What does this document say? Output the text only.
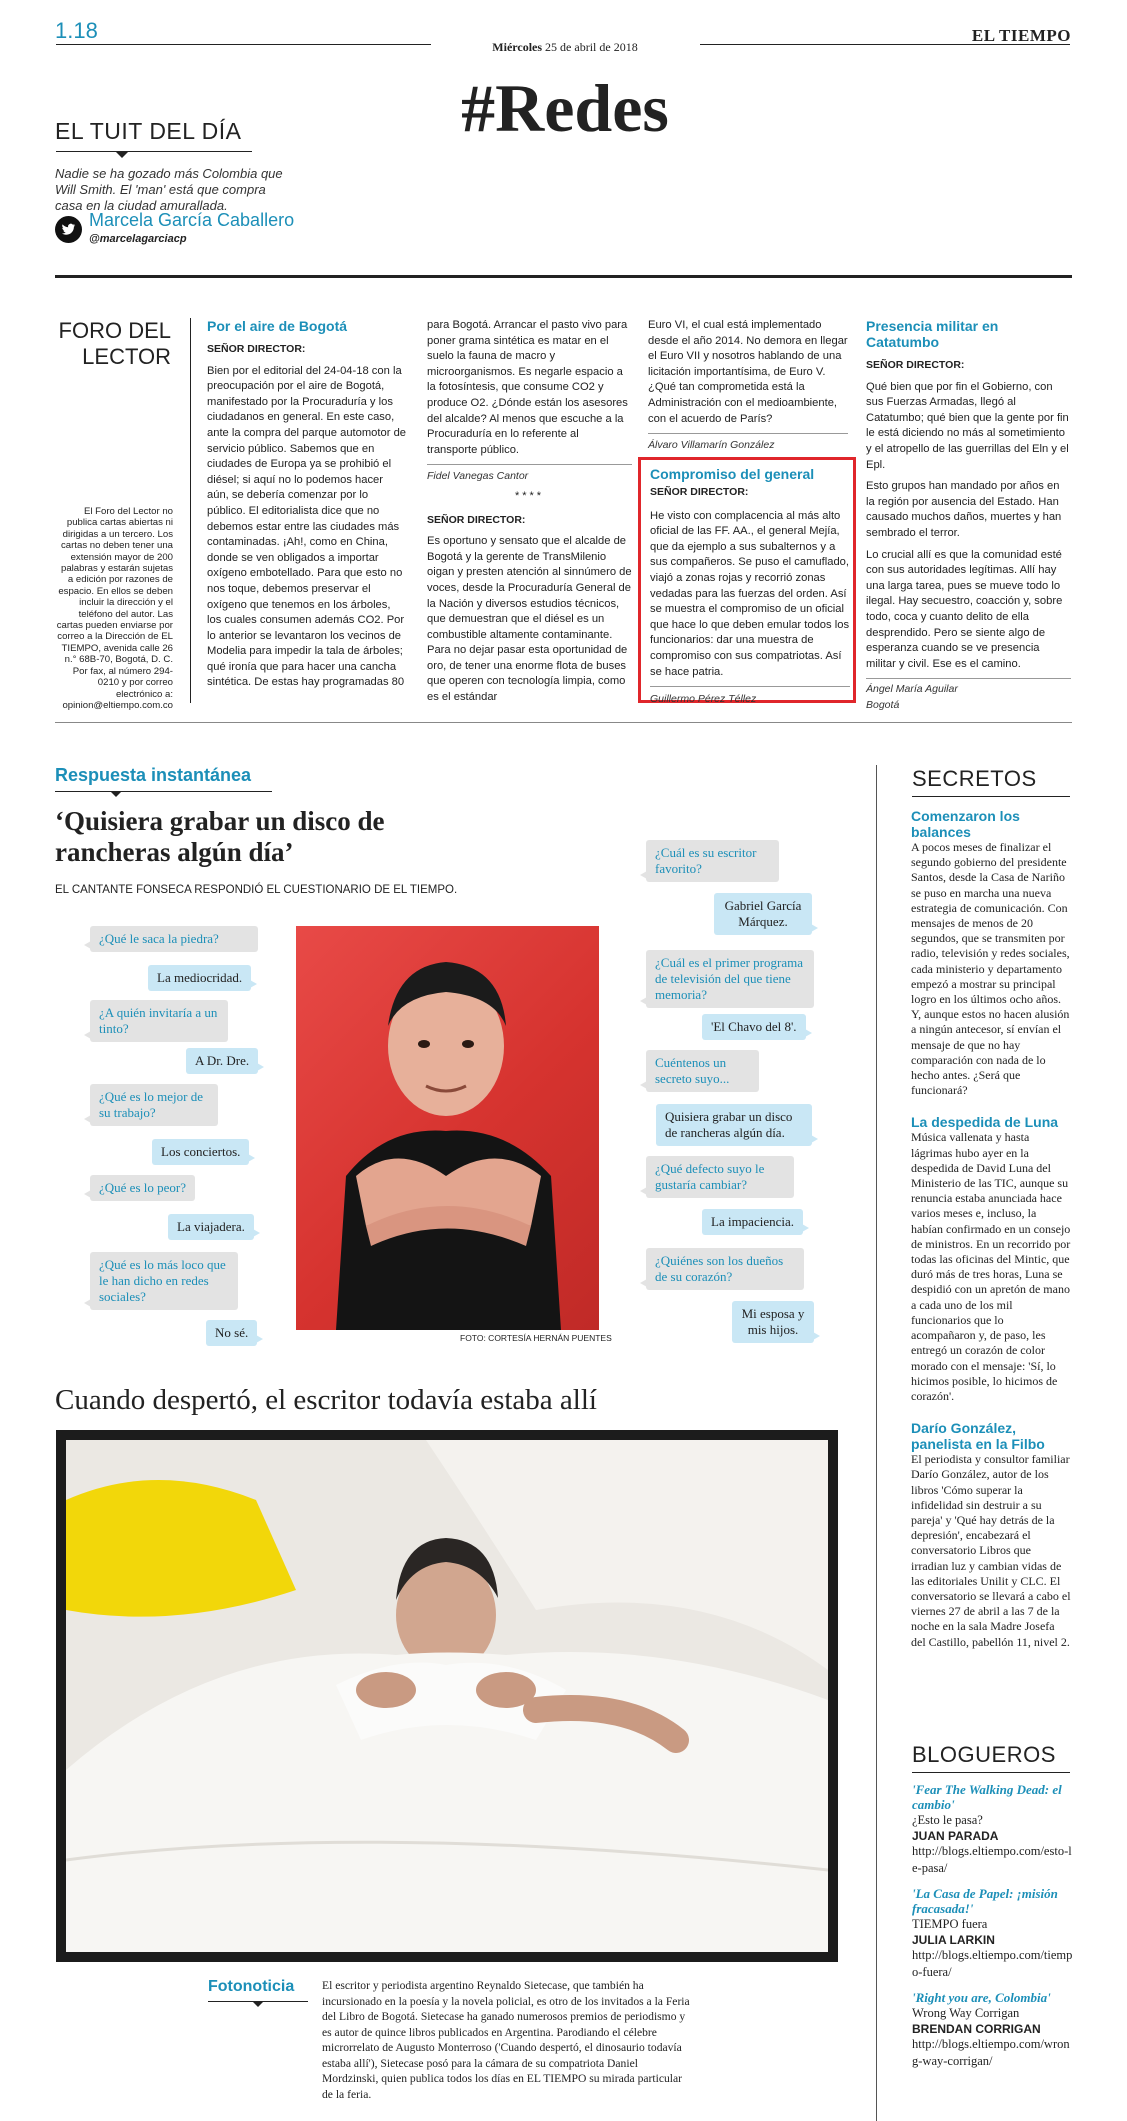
1.18
Miércoles 25 de abril de 2018
EL TIEMPO
#Redes
EL TUIT DEL DÍA
Nadie se ha gozado más Colombia que Will Smith. El 'man' está que compra casa en la ciudad amurallada.
Marcela García Caballero
@marcelagarciacp
FORO DEL
LECTOR
El Foro del Lector no publica cartas abiertas ni dirigidas a un tercero. Los cartas no deben tener una extensión mayor de 200 palabras y estarán sujetas a edición por razones de espacio. En ellos se deben incluir la dirección y el teléfono del autor. Las cartas pueden enviarse por correo a la Dirección de EL TIEMPO, avenida calle 26 n.° 68B-70, Bogotá, D. C. Por fax, al número 294-0210 y por correo electrónico a: opinion@eltiempo.com.co
Por el aire de Bogotá
SEÑOR DIRECTOR:

Bien por el editorial del 24-04-18 con la preocupación por el aire de Bogotá, manifestado por la Procuraduría y los ciudadanos en general. En este caso, ante la compra del parque automotor de servicio público. Sabemos que en ciudades de Europa ya se prohibió el diésel; si aquí no lo podemos hacer aún, se debería comenzar por lo público. El editorialista dice que no debemos estar entre las ciudades más contaminadas. ¡Ah!, como en China, donde se ven obligados a importar oxígeno embotellado. Para que esto no nos toque, debemos preservar el oxígeno que tenemos en los árboles, los cuales consumen además CO2. Por lo anterior se levantaron los vecinos de Modelia para impedir la tala de árboles; qué ironía que para hacer una cancha sintética. De estas hay programadas 80

para Bogotá. Arrancar el pasto vivo para poner grama sintética es matar en el suelo la fauna de macro y microorganismos. Es negarle espacio a la fotosíntesis, que consume CO2 y produce O2. ¿Dónde están los asesores del alcalde? Al menos que escuche a la Procuraduría en lo referente al transporte público.

Fidel Vanegas Cantor
****
SEÑOR DIRECTOR:

Es oportuno y sensato que el alcalde de Bogotá y la gerente de TransMilenio oigan y presten atención al sinnúmero de voces, desde la Procuraduría General de la Nación y diversos estudios técnicos, que demuestran que el diésel es un combustible altamente contaminante. Para no dejar pasar esta oportunidad de oro, de tener una enorme flota de buses que operen con tecnología limpia, como es el estándar

Euro VI, el cual está implementado desde el año 2014. No demora en llegar el Euro VII y nosotros hablando de una licitación importantísima, de Euro V. ¿Qué tan comprometida está la Administración con el medioambiente, con el acuerdo de París?

Álvaro Villamarín González
Compromiso del general
SEÑOR DIRECTOR:

He visto con complacencia al más alto oficial de las FF. AA., el general Mejía, que da ejemplo a sus subalternos y a sus compañeros. Se puso el camuflado, viajó a zonas rojas y recorrió zonas vedadas para las fuerzas del orden. Así se muestra el compromiso de un oficial que hace lo que deben emular todos los funcionarios: dar una muestra de compromiso con sus compatriotas. Así se hace patria.

Guillermo Pérez Téllez
Presencia militar en Catatumbo
SEÑOR DIRECTOR:

Qué bien que por fin el Gobierno, con sus Fuerzas Armadas, llegó al Catatumbo; qué bien que la gente por fin le está diciendo no más al sometimiento y el atropello de las guerrillas del Eln y el Epl.

Esto grupos han mandado por años en la región por ausencia del Estado. Han causado muchos daños, muertes y han sembrado el terror.

Lo crucial allí es que la comunidad esté con sus autoridades legítimas. Allí hay una larga tarea, pues se mueve todo lo ilegal. Hay secuestro, coacción y, sobre todo, coca y cuanto delito de ella desprendido. Pero se siente algo de esperanza cuando se ve presencia militar y civil. Ese es el camino.

Ángel María Aguilar
Bogotá
Respuesta instantánea
‘Quisiera grabar un disco de rancheras algún día’
EL CANTANTE FONSECA RESPONDIÓ EL CUESTIONARIO DE EL TIEMPO.
¿Qué le saca la piedra?
La mediocridad.
¿A quién invitaría a un tinto?
A Dr. Dre.
¿Qué es lo mejor de su trabajo?
Los conciertos.
¿Qué es lo peor?
La viajadera.
¿Qué es lo más loco que le han dicho en redes sociales?
No sé.	FOTO: CORTESÍA HERNÁN PUENTES
¿Cuál es su escritor favorito?
Gabriel García Márquez.
¿Cuál es el primer programa de televisión del que tiene memoria?
'El Chavo del 8'.
Cuéntenos un secreto suyo...
Quisiera grabar un disco de rancheras algún día.
¿Qué defecto suyo le gustaría cambiar?
La impaciencia.
¿Quiénes son los dueños de su corazón?
Mi esposa y mis hijos.
Cuando despertó, el escritor todavía estaba allí
Fotonoticia El escritor y periodista argentino Reynaldo Sietecase, que también ha incursionado en la poesía y la novela policial, es otro de los invitados a la Feria del Libro de Bogotá. Sietecase ha ganado numerosos premios de periodismo y es autor de quince libros publicados en Argentina. Parodiando el célebre microrrelato de Augusto Monterroso ('Cuando despertó, el dinosaurio todavía estaba allí'), Sietecase posó para la cámara de su compatriota Daniel Mordzinski, quien publica todos los días en EL TIEMPO su mirada particular de la feria.
SECRETOS
Comenzaron los balances
A pocos meses de finalizar el segundo gobierno del presidente Santos, desde la Casa de Nariño se puso en marcha una nueva estrategia de comunicación. Con mensajes de menos de 20 segundos, que se transmiten por radio, televisión y redes sociales, cada ministerio y departamento empezó a mostrar su principal logro en los últimos ocho años. Y, aunque estos no hacen alusión a ningún antecesor, sí envían el mensaje de que no hay comparación con nada de lo hecho antes. ¿Será que funcionará?
La despedida de Luna
Música vallenata y hasta lágrimas hubo ayer en la despedida de David Luna del Ministerio de las TIC, aunque su renuncia estaba anunciada hace varios meses e, incluso, la habían confirmado en un consejo de ministros. En un recorrido por todas las oficinas del Mintic, que duró más de tres horas, Luna se despidió con un apretón de mano a cada uno de los mil funcionarios que lo acompañaron y, de paso, les entregó un corazón de color morado con el mensaje: 'Sí, lo hicimos posible, lo hicimos de corazón'.
Darío González, panelista en la Filbo
El periodista y consultor familiar Darío González, autor de los libros 'Cómo superar la infidelidad sin destruir a su pareja' y 'Qué hay detrás de la depresión', encabezará el conversatorio Libros que irradian luz y cambian vidas de las editoriales Unilit y CLC. El conversatorio se llevará a cabo el viernes 27 de abril a las 7 de la noche en la sala Madre Josefa del Castillo, pabellón 11, nivel 2.
BLOGUEROS
'Fear The Walking Dead: el cambio'
¿Esto le pasa?
JUAN PARADA
http://blogs.eltiempo.com/esto-le-pasa/
'La Casa de Papel: ¡misión fracasada!'
TIEMPO fuera
JULIA LARKIN
http://blogs.eltiempo.com/tiempo-fuera/
'Right you are, Colombia'
Wrong Way Corrigan
BRENDAN CORRIGAN
http://blogs.eltiempo.com/wrong-way-corrigan/
